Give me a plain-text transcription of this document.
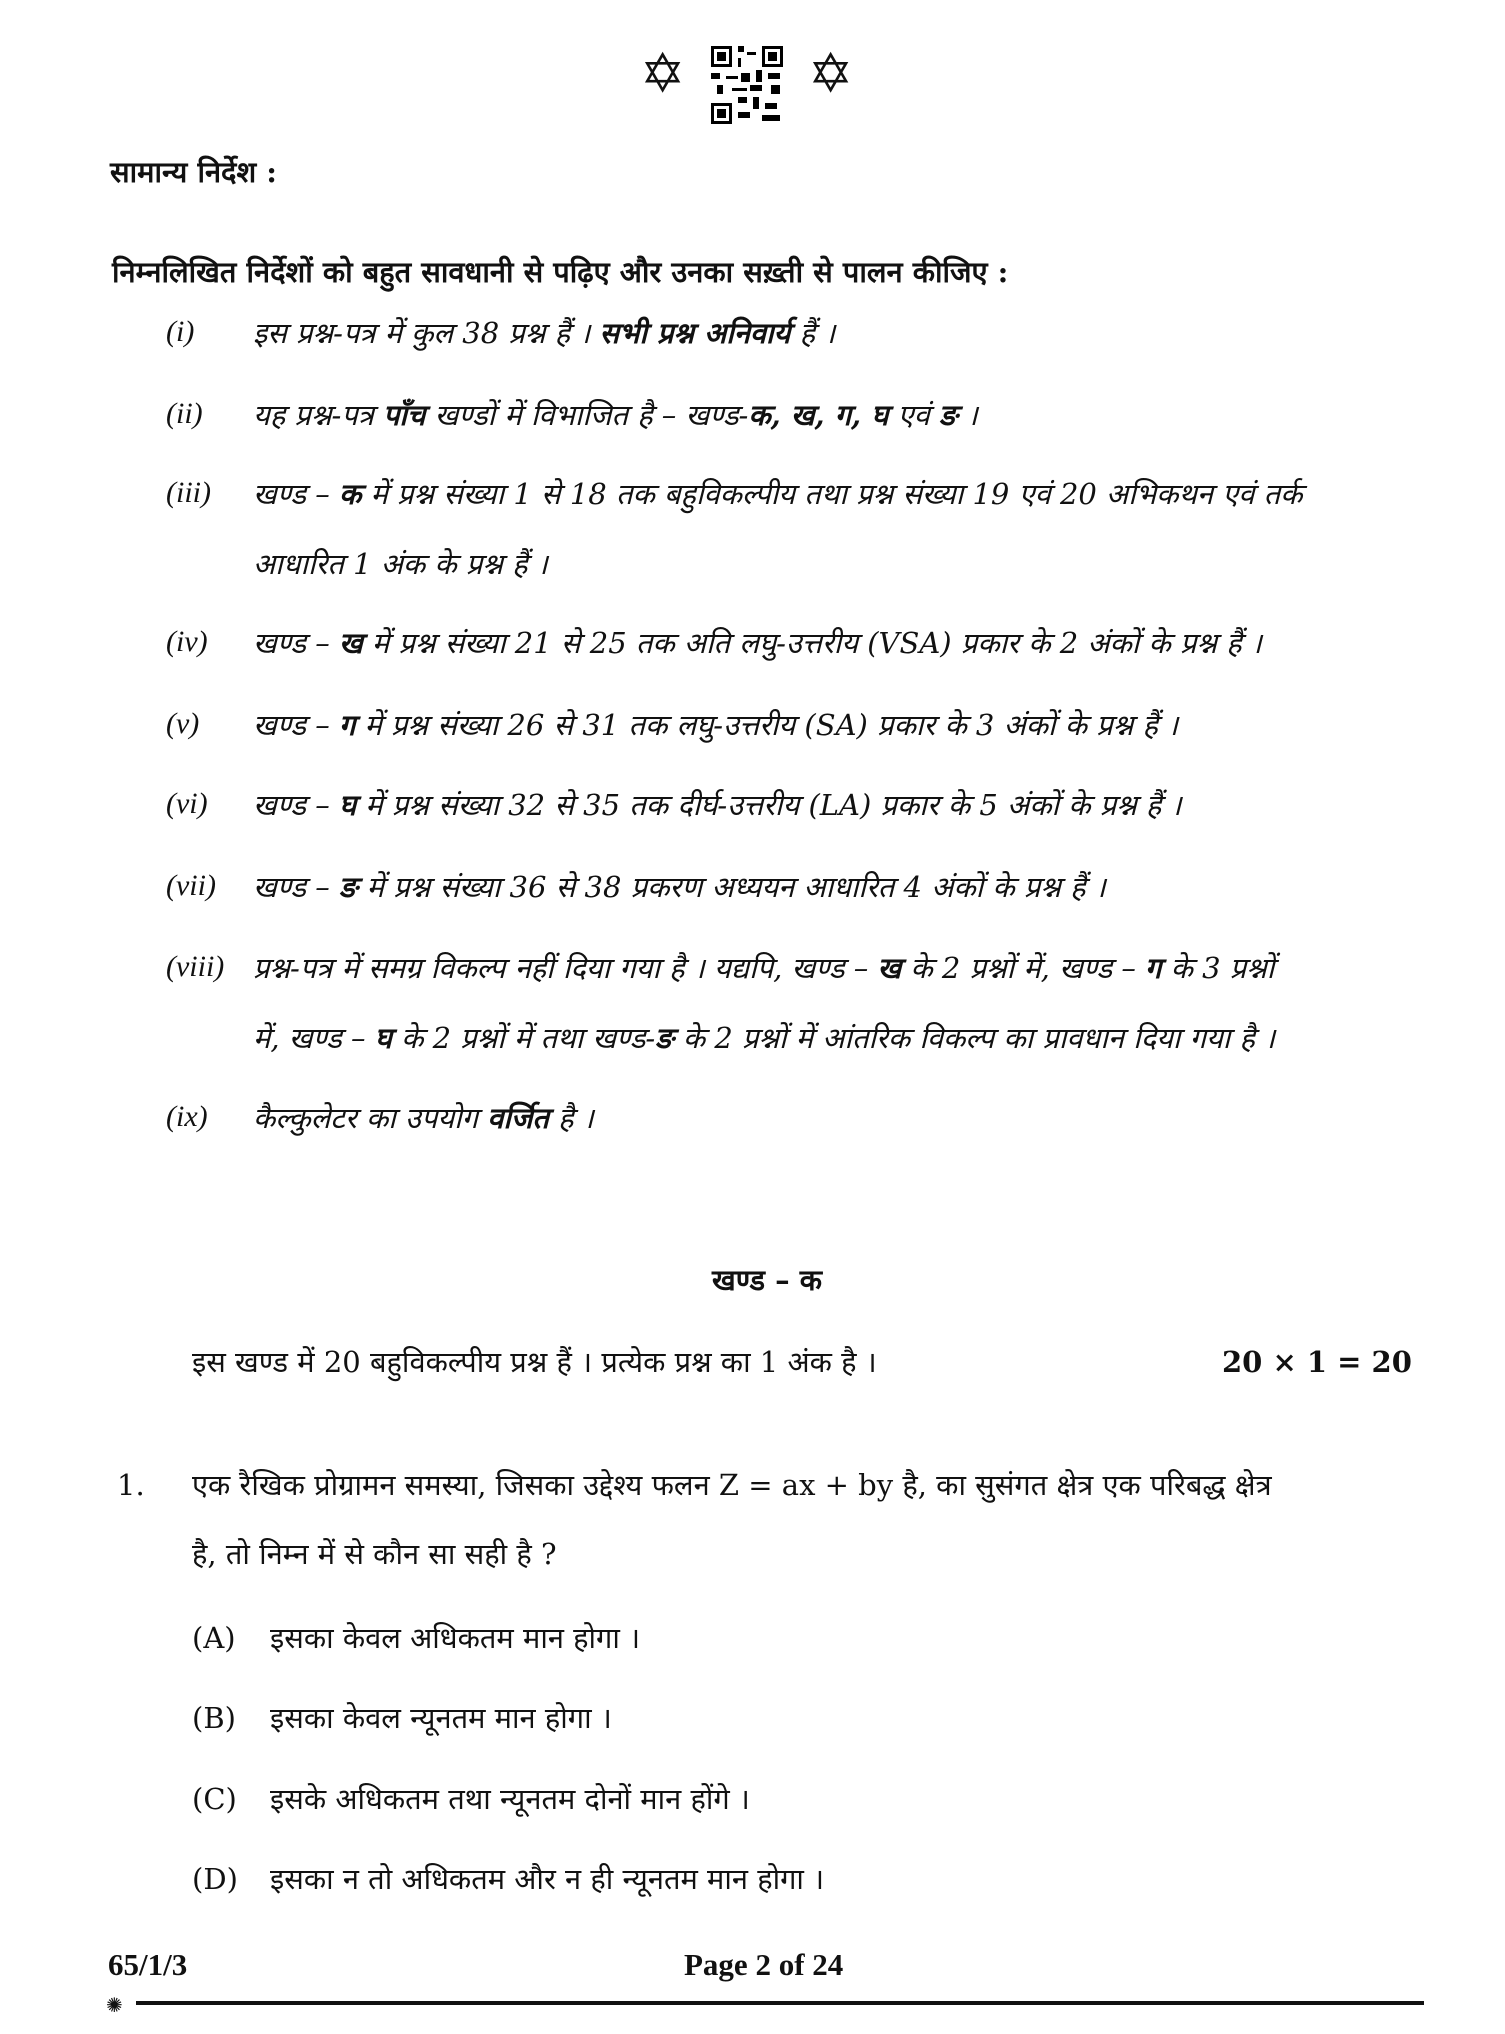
✡ ✡
सामान्य निर्देश :
निम्नलिखित निर्देशों को बहुत सावधानी से पढ़िए और उनका सख़्ती से पालन कीजिए :
(i) इस प्रश्न-पत्र में कुल 38 प्रश्न हैं । सभी प्रश्न अनिवार्य हैं ।
(ii) यह प्रश्न-पत्र पाँच खण्डों में विभाजित है – खण्ड-क, ख, ग, घ एवं ङ ।
(iii) खण्ड – क में प्रश्न संख्या 1 से 18 तक बहुविकल्पीय तथा प्रश्न संख्या 19 एवं 20 अभिकथन एवं तर्क
आधारित 1 अंक के प्रश्न हैं ।
(iv) खण्ड – ख में प्रश्न संख्या 21 से 25 तक अति लघु-उत्तरीय (VSA) प्रकार के 2 अंकों के प्रश्न हैं ।
(v) खण्ड – ग में प्रश्न संख्या 26 से 31 तक लघु-उत्तरीय (SA) प्रकार के 3 अंकों के प्रश्न हैं ।
(vi) खण्ड – घ में प्रश्न संख्या 32 से 35 तक दीर्घ-उत्तरीय (LA) प्रकार के 5 अंकों के प्रश्न हैं ।
(vii) खण्ड – ङ में प्रश्न संख्या 36 से 38 प्रकरण अध्ययन आधारित 4 अंकों के प्रश्न हैं ।
(viii) प्रश्न-पत्र में समग्र विकल्प नहीं दिया गया है । यद्यपि, खण्ड – ख के 2 प्रश्नों में, खण्ड – ग के 3 प्रश्नों
में, खण्ड – घ के 2 प्रश्नों में तथा खण्ड-ङ के 2 प्रश्नों में आंतरिक विकल्प का प्रावधान दिया गया है ।
(ix) कैल्कुलेटर का उपयोग वर्जित है ।
खण्ड – क
इस खण्ड में 20 बहुविकल्पीय प्रश्न हैं । प्रत्येक प्रश्न का 1 अंक है ।	20 × 1 = 20
1. एक रैखिक प्रोग्रामन समस्या, जिसका उद्देश्य फलन Z = ax + by है, का सुसंगत क्षेत्र एक परिबद्ध क्षेत्र
है, तो निम्न में से कौन सा सही है ?
(A) इसका केवल अधिकतम मान होगा ।
(B) इसका केवल न्यूनतम मान होगा ।
(C) इसके अधिकतम तथा न्यूनतम दोनों मान होंगे ।
(D) इसका न तो अधिकतम और न ही न्यूनतम मान होगा ।
65/1/3	Page 2 of 24
✺
